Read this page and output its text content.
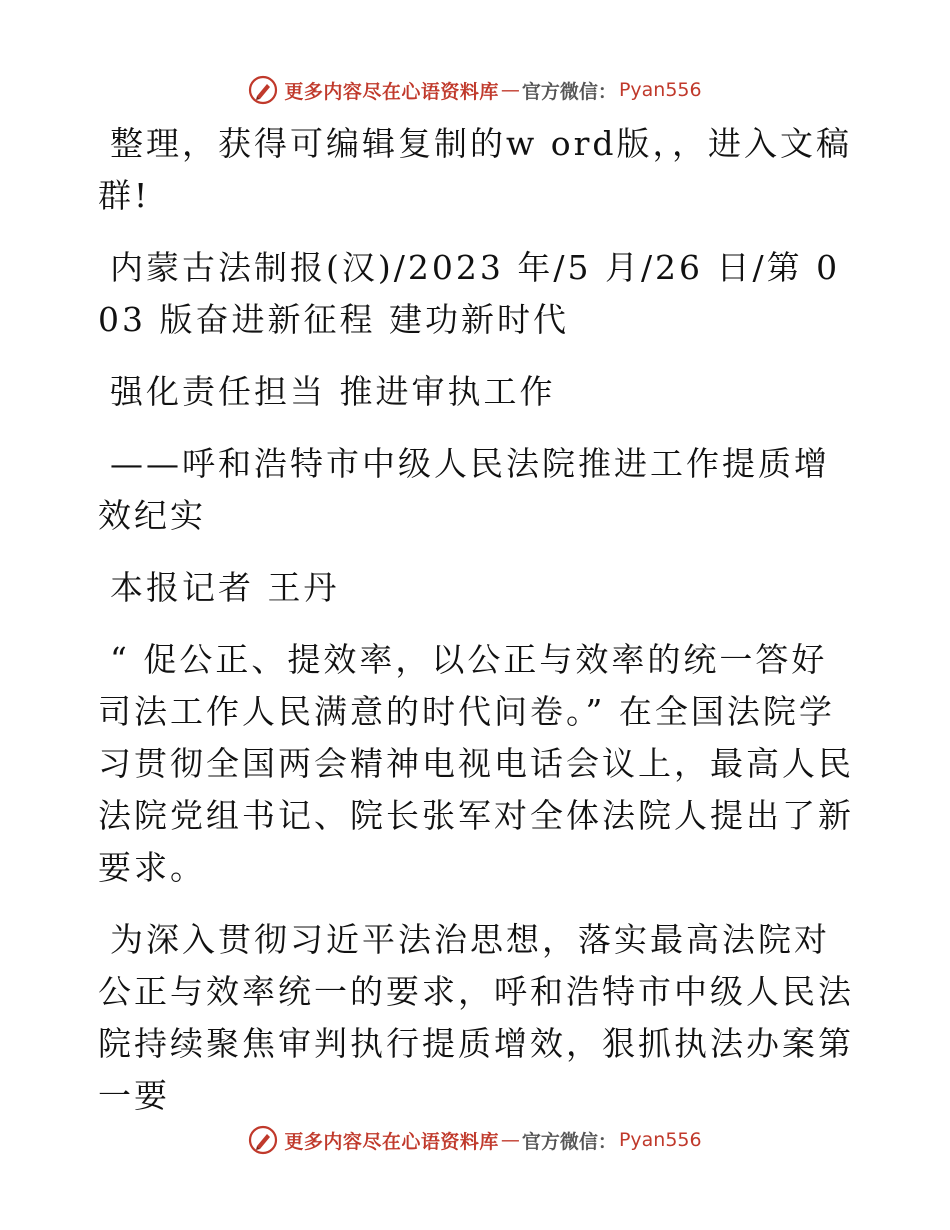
更多内容尽在心语资料库 — 官方微信： Pyan556

整理，获得可编辑复制的w ord版，，进入文稿群!

内蒙古法制报(汉)/2023 年/5 月/26 日/第 003 版奋进新征程 建功新时代

强化责任担当 推进审执工作

——呼和浩特市中级人民法院推进工作提质增效纪实

本报记者 王丹

“ 促公正、提效率，以公正与效率的统一答好司法工作人民满意的时代问卷。” 在全国法院学习贯彻全国两会精神电视电话会议上，最高人民法院党组书记、院长张军对全体法院人提出了新要求。

为深入贯彻习近平法治思想，落实最高法院对公正与效率统一的要求，呼和浩特市中级人民法院持续聚焦审判执行提质增效，狠抓执法办案第一要

更多内容尽在心语资料库 — 官方微信： Pyan556
